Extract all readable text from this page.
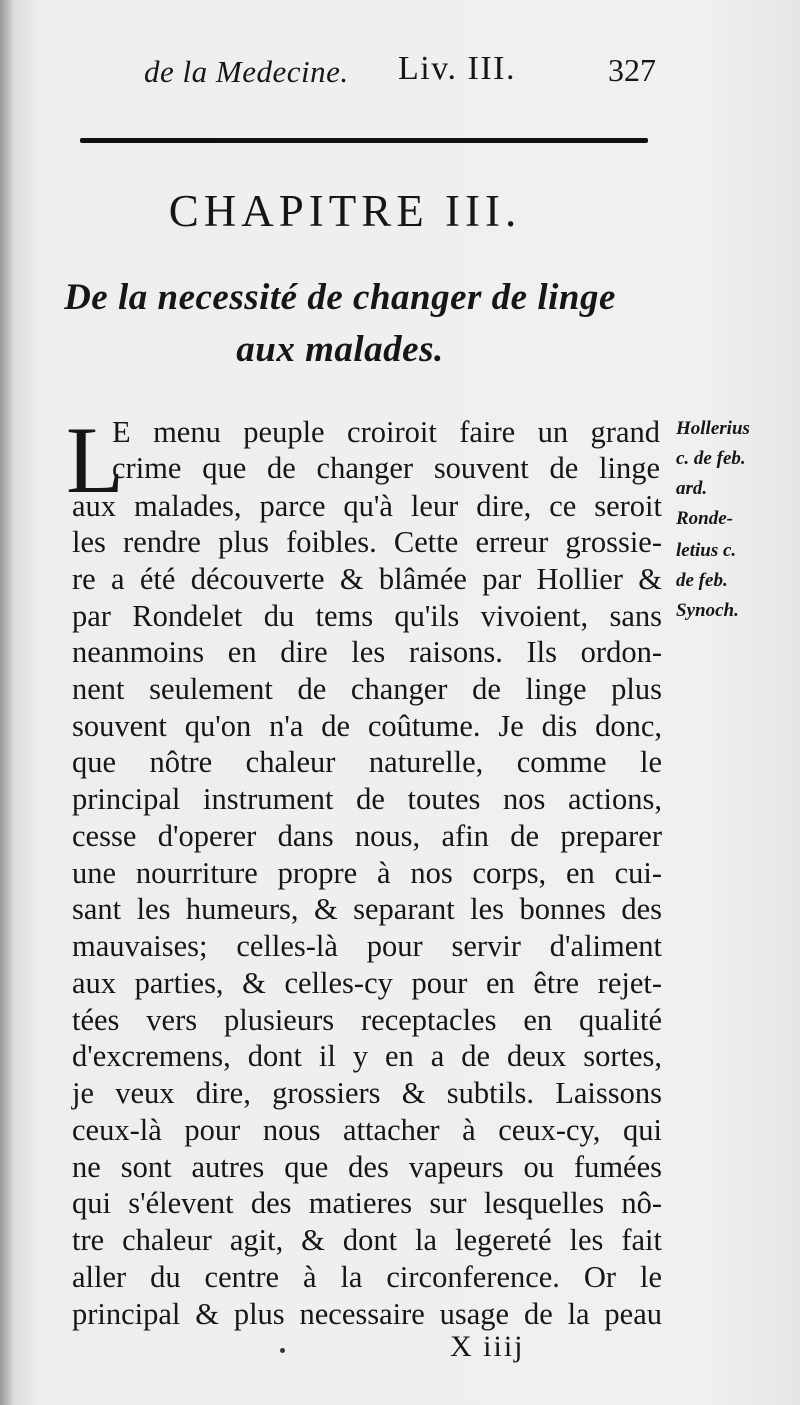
de la Medecine. Liv. III.	327
CHAPITRE III.
De la necessité de changer de linge
aux malades.
L
E menu peuple croiroit faire un grand
crime que de changer souvent de linge
aux malades, parce qu'à leur dire, ce seroit
les rendre plus foibles. Cette erreur grossie-
re a été découverte & blâmée par Hollier &
par Rondelet du tems qu'ils vivoient, sans
neanmoins en dire les raisons. Ils ordon-
nent seulement de changer de linge plus
souvent qu'on n'a de coûtume. Je dis donc,
que nôtre chaleur naturelle, comme le
principal instrument de toutes nos actions,
cesse d'operer dans nous, afin de preparer
une nourriture propre à nos corps, en cui-
sant les humeurs, & separant les bonnes des
mauvaises; celles-là pour servir d'aliment
aux parties, & celles-cy pour en être rejet-
tées vers plusieurs receptacles en qualité
d'excremens, dont il y en a de deux sortes,
je veux dire, grossiers & subtils. Laissons
ceux-là pour nous attacher à ceux-cy, qui
ne sont autres que des vapeurs ou fumées
qui s'élevent des matieres sur lesquelles nô-
tre chaleur agit, & dont la legereté les fait
aller du centre à la circonference. Or le
principal & plus necessaire usage de la peau
Hollerius
c. de feb.
ard.
Ronde-
letius c.
de feb.
Synoch.
X iiij
